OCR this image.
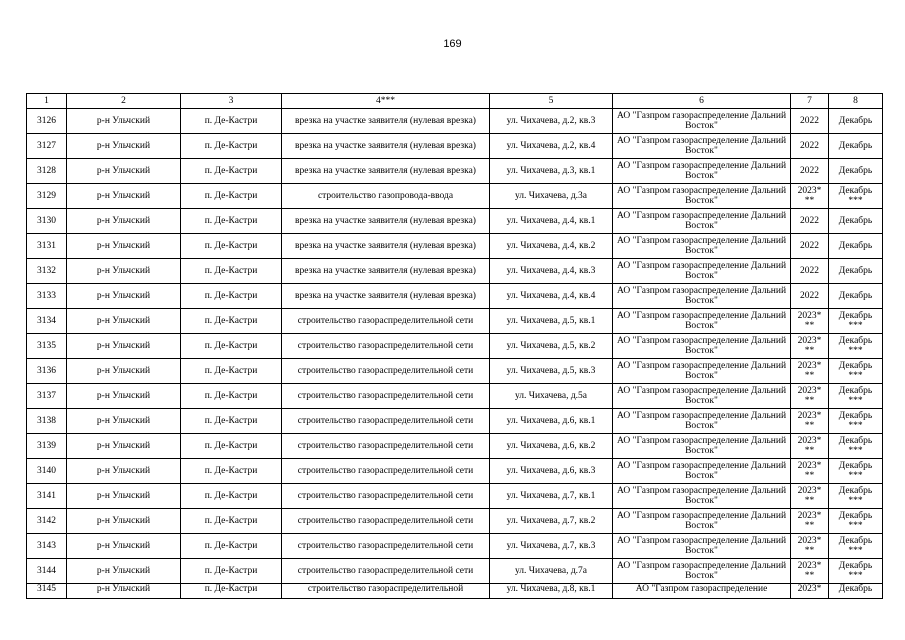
169
1	2	3	4***	5	6	7	8
3126	р-н Ульчский	п. Де-Кастри	врезка на участке заявителя (нулевая врезка)	ул. Чихачева, д.2, кв.3	АО "Газпром газораспределение Дальний Восток"	2022	Декабрь
3127	р-н Ульчский	п. Де-Кастри	врезка на участке заявителя (нулевая врезка)	ул. Чихачева, д.2, кв.4	АО "Газпром газораспределение Дальний Восток"	2022	Декабрь
3128	р-н Ульчский	п. Де-Кастри	врезка на участке заявителя (нулевая врезка)	ул. Чихачева, д.3, кв.1	АО "Газпром газораспределение Дальний Восток"	2022	Декабрь
3129	р-н Ульчский	п. Де-Кастри	строительство газопровода-ввода	ул. Чихачева, д.3а	АО "Газпром газораспределение Дальний Восток"	2023* **	Декабрь ***
3130	р-н Ульчский	п. Де-Кастри	врезка на участке заявителя (нулевая врезка)	ул. Чихачева, д.4, кв.1	АО "Газпром газораспределение Дальний Восток"	2022	Декабрь
3131	р-н Ульчский	п. Де-Кастри	врезка на участке заявителя (нулевая врезка)	ул. Чихачева, д.4, кв.2	АО "Газпром газораспределение Дальний Восток"	2022	Декабрь
3132	р-н Ульчский	п. Де-Кастри	врезка на участке заявителя (нулевая врезка)	ул. Чихачева, д.4, кв.3	АО "Газпром газораспределение Дальний Восток"	2022	Декабрь
3133	р-н Ульчский	п. Де-Кастри	врезка на участке заявителя (нулевая врезка)	ул. Чихачева, д.4, кв.4	АО "Газпром газораспределение Дальний Восток"	2022	Декабрь
3134	р-н Ульчский	п. Де-Кастри	строительство газораспределительной сети	ул. Чихачева, д.5, кв.1	АО "Газпром газораспределение Дальний Восток"	2023* **	Декабрь ***
3135	р-н Ульчский	п. Де-Кастри	строительство газораспределительной сети	ул. Чихачева, д.5, кв.2	АО "Газпром газораспределение Дальний Восток"	2023* **	Декабрь ***
3136	р-н Ульчский	п. Де-Кастри	строительство газораспределительной сети	ул. Чихачева, д.5, кв.3	АО "Газпром газораспределение Дальний Восток"	2023* **	Декабрь ***
3137	р-н Ульчский	п. Де-Кастри	строительство газораспределительной сети	ул. Чихачева, д.5а	АО "Газпром газораспределение Дальний Восток"	2023* **	Декабрь ***
3138	р-н Ульчский	п. Де-Кастри	строительство газораспределительной сети	ул. Чихачева, д.6, кв.1	АО "Газпром газораспределение Дальний Восток"	2023* **	Декабрь ***
3139	р-н Ульчский	п. Де-Кастри	строительство газораспределительной сети	ул. Чихачева, д.6, кв.2	АО "Газпром газораспределение Дальний Восток"	2023* **	Декабрь ***
3140	р-н Ульчский	п. Де-Кастри	строительство газораспределительной сети	ул. Чихачева, д.6, кв.3	АО "Газпром газораспределение Дальний Восток"	2023* **	Декабрь ***
3141	р-н Ульчский	п. Де-Кастри	строительство газораспределительной сети	ул. Чихачева, д.7, кв.1	АО "Газпром газораспределение Дальний Восток"	2023* **	Декабрь ***
3142	р-н Ульчский	п. Де-Кастри	строительство газораспределительной сети	ул. Чихачева, д.7, кв.2	АО "Газпром газораспределение Дальний Восток"	2023* **	Декабрь ***
3143	р-н Ульчский	п. Де-Кастри	строительство газораспределительной сети	ул. Чихачева, д.7, кв.3	АО "Газпром газораспределение Дальний Восток"	2023* **	Декабрь ***
3144	р-н Ульчский	п. Де-Кастри	строительство газораспределительной сети	ул. Чихачева, д.7а	АО "Газпром газораспределение Дальний Восток"	2023* **	Декабрь ***
3145	р-н Ульчский	п. Де-Кастри	строительство газораспределительной	ул. Чихачева, д.8, кв.1	АО "Газпром газораспределение	2023*	Декабрь
